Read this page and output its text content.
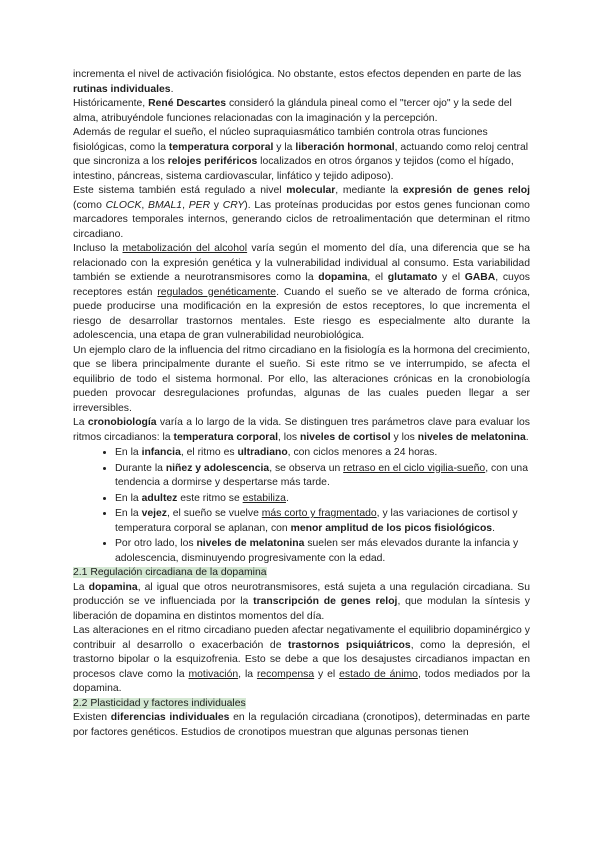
incrementa el nivel de activación fisiológica. No obstante, estos efectos dependen en parte de las rutinas individuales.

Históricamente, René Descartes consideró la glándula pineal como el "tercer ojo" y la sede del alma, atribuyéndole funciones relacionadas con la imaginación y la percepción.

Además de regular el sueño, el núcleo supraquiasmático también controla otras funciones fisiológicas, como la temperatura corporal y la liberación hormonal, actuando como reloj central que sincroniza a los relojes periféricos localizados en otros órganos y tejidos (como el hígado, intestino, páncreas, sistema cardiovascular, linfático y tejido adiposo).

Este sistema también está regulado a nivel molecular, mediante la expresión de genes reloj (como CLOCK, BMAL1, PER y CRY). Las proteínas producidas por estos genes funcionan como marcadores temporales internos, generando ciclos de retroalimentación que determinan el ritmo circadiano.

Incluso la metabolización del alcohol varía según el momento del día, una diferencia que se ha relacionado con la expresión genética y la vulnerabilidad individual al consumo. Esta variabilidad también se extiende a neurotransmisores como la dopamina, el glutamato y el GABA, cuyos receptores están regulados genéticamente. Cuando el sueño se ve alterado de forma crónica, puede producirse una modificación en la expresión de estos receptores, lo que incrementa el riesgo de desarrollar trastornos mentales. Este riesgo es especialmente alto durante la adolescencia, una etapa de gran vulnerabilidad neurobiológica.

Un ejemplo claro de la influencia del ritmo circadiano en la fisiología es la hormona del crecimiento, que se libera principalmente durante el sueño. Si este ritmo se ve interrumpido, se afecta el equilibrio de todo el sistema hormonal. Por ello, las alteraciones crónicas en la cronobiología pueden provocar desregulaciones profundas, algunas de las cuales pueden llegar a ser irreversibles.

La cronobiología varía a lo largo de la vida. Se distinguen tres parámetros clave para evaluar los ritmos circadianos: la temperatura corporal, los niveles de cortisol y los niveles de melatonina.

• En la infancia, el ritmo es ultradiano, con ciclos menores a 24 horas.
• Durante la niñez y adolescencia, se observa un retraso en el ciclo vigilia-sueño, con una tendencia a dormirse y despertarse más tarde.
• En la adultez este ritmo se estabiliza.
• En la vejez, el sueño se vuelve más corto y fragmentado, y las variaciones de cortisol y temperatura corporal se aplanan, con menor amplitud de los picos fisiológicos.
• Por otro lado, los niveles de melatonina suelen ser más elevados durante la infancia y adolescencia, disminuyendo progresivamente con la edad.
2.1 Regulación circadiana de la dopamina

La dopamina, al igual que otros neurotransmisores, está sujeta a una regulación circadiana. Su producción se ve influenciada por la transcripción de genes reloj, que modulan la síntesis y liberación de dopamina en distintos momentos del día.

Las alteraciones en el ritmo circadiano pueden afectar negativamente el equilibrio dopaminérgico y contribuir al desarrollo o exacerbación de trastornos psiquiátricos, como la depresión, el trastorno bipolar o la esquizofrenia. Esto se debe a que los desajustes circadianos impactan en procesos clave como la motivación, la recompensa y el estado de ánimo, todos mediados por la dopamina.

2.2 Plasticidad y factores individuales

Existen diferencias individuales en la regulación circadiana (cronotipos), determinadas en parte por factores genéticos. Estudios de cronotipos muestran que algunas personas tienen
